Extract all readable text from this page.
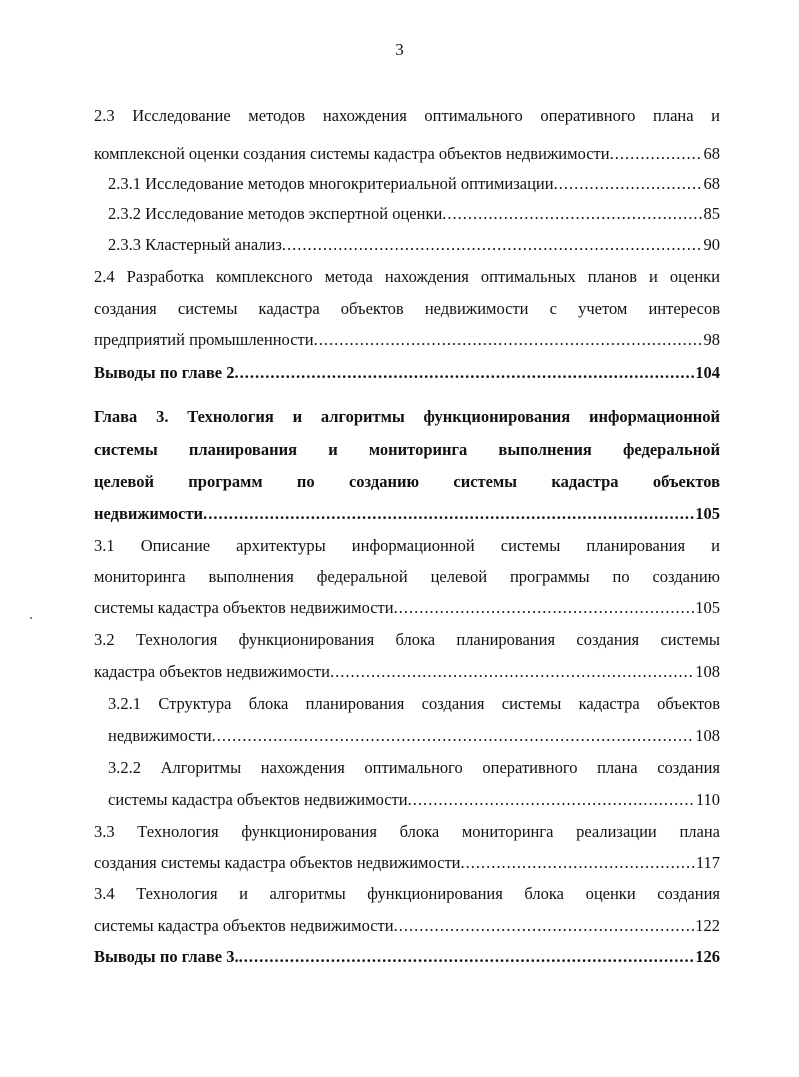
3
2.3 Исследование методов нахождения оптимального оперативного плана и
комплексной оценки создания системы кадастра объектов недвижимости .....	68
2.3.1 Исследование методов многокритериальной оптимизации .....	68
2.3.2 Исследование методов экспертной оценки .....	85
2.3.3 Кластерный анализ .....	90
2.4 Разработка комплексного метода нахождения оптимальных планов и оценки
создания системы кадастра объектов недвижимости с учетом интересов
предприятий промышленности .....	98
Выводы по главе 2 .....	104
Глава 3. Технология и алгоритмы функционирования информационной
системы планирования и мониторинга выполнения федеральной
целевой программ по созданию системы кадастра объектов
недвижимости .....	105
3.1 Описание архитектуры информационной системы планирования и
мониторинга выполнения федеральной целевой программы по созданию
системы кадастра объектов недвижимости .....	105
3.2 Технология функционирования блока планирования создания системы
кадастра объектов недвижимости .....	108
3.2.1 Структура блока планирования создания системы кадастра объектов
недвижимости .....	108
3.2.2 Алгоритмы нахождения оптимального оперативного плана создания
системы кадастра объектов недвижимости .....	110
3.3 Технология функционирования блока мониторинга реализации плана
создания системы кадастра объектов недвижимости .....	117
3.4 Технология и алгоритмы функционирования блока оценки создания
системы кадастра объектов недвижимости .....	122
Выводы по главе 3. .....	126
